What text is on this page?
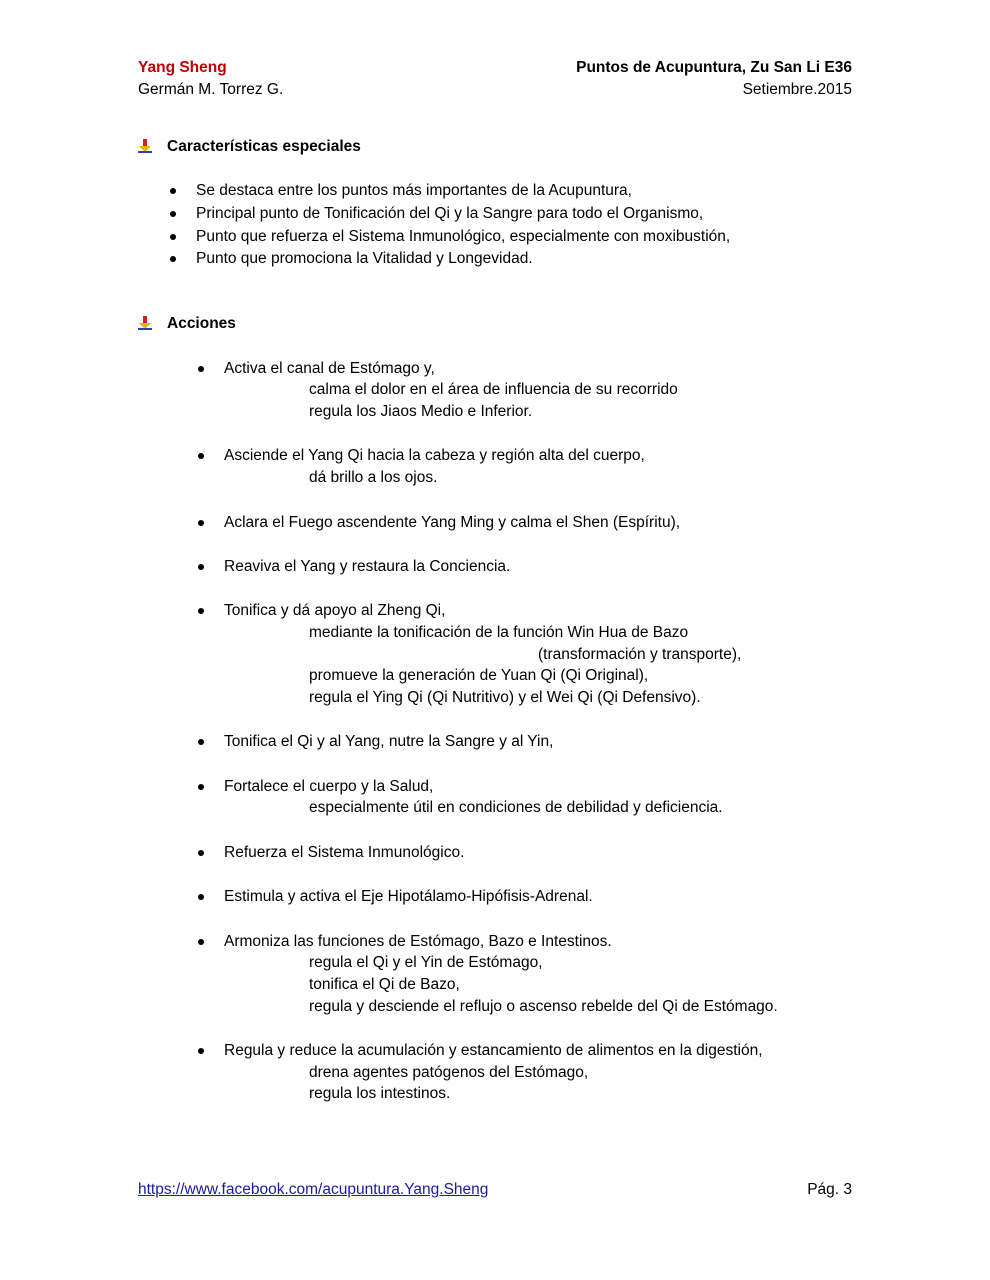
Yang Sheng
Germán M. Torrez G.
Puntos de Acupuntura, Zu San Li E36
Setiembre.2015
Características especiales
Se destaca entre los puntos más importantes de la Acupuntura,
Principal punto de Tonificación del Qi y la Sangre para todo el Organismo,
Punto que refuerza el Sistema Inmunológico, especialmente con moxibustión,
Punto que promociona la Vitalidad y Longevidad.
Acciones
Activa el canal de Estómago y,
calma el dolor en el área de influencia de su recorrido
regula los Jiaos Medio e Inferior.
Asciende el Yang Qi hacia la cabeza y región alta del cuerpo,
dá brillo a los ojos.
Aclara el Fuego ascendente Yang Ming y calma el Shen (Espíritu),
Reaviva el Yang y restaura la Conciencia.
Tonifica y dá apoyo al Zheng Qi,
mediante la tonificación de la función Win Hua de Bazo
(transformación y transporte),
promueve la generación de Yuan Qi (Qi Original),
regula el Ying Qi (Qi Nutritivo) y el Wei Qi (Qi Defensivo).
Tonifica el Qi y al Yang, nutre la Sangre y al Yin,
Fortalece el cuerpo y la Salud,
especialmente útil en condiciones de debilidad y deficiencia.
Refuerza el Sistema Inmunológico.
Estimula y activa el Eje Hipotálamo-Hipófisis-Adrenal.
Armoniza las funciones de Estómago, Bazo e Intestinos.
regula el Qi y el Yin de Estómago,
tonifica el Qi de Bazo,
regula y desciende el reflujo o ascenso rebelde del Qi de Estómago.
Regula y reduce la acumulación y estancamiento de alimentos en la digestión,
drena agentes patógenos del Estómago,
regula los intestinos.
https://www.facebook.com/acupuntura.Yang.Sheng	Pág. 3
